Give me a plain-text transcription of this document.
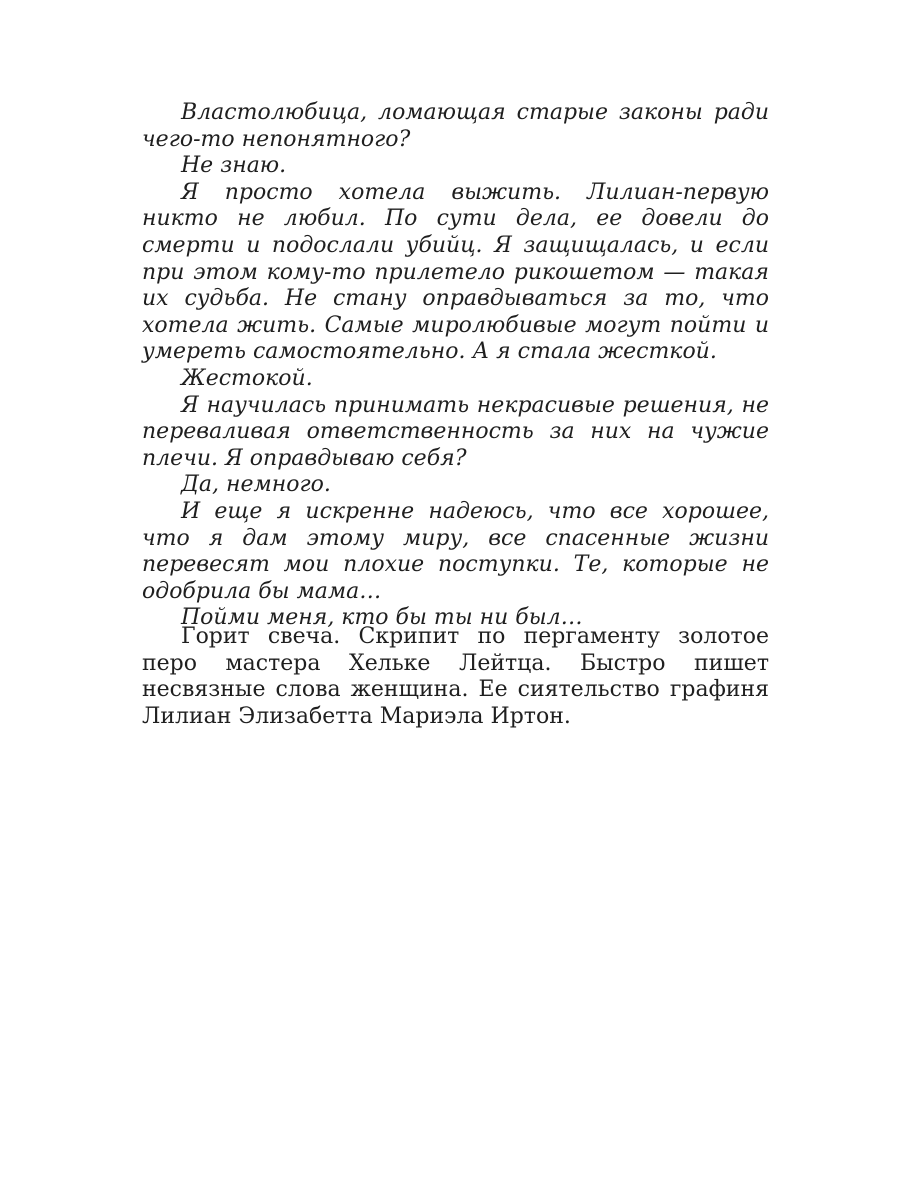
Властолюбица, ломающая старые законы ради чего-то непонятного?

Не знаю.

Я просто хотела выжить. Лилиан-первую никто не любил. По сути дела, ее довели до смерти и подослали убийц. Я защищалась, и если при этом кому-то прилетело рикошетом — такая их судьба. Не стану оправдываться за то, что хотела жить. Самые миролюбивые могут пойти и умереть самостоятельно. А я стала жесткой.

Жестокой.

Я научилась принимать некрасивые решения, не переваливая ответственность за них на чужие плечи. Я оправдываю себя?

Да, немного.

И еще я искренне надеюсь, что все хорошее, что я дам этому миру, все спасенные жизни перевесят мои плохие поступки. Те, которые не одобрила бы мама…

Пойми меня, кто бы ты ни был…

Горит свеча. Скрипит по пергаменту золотое перо мастера Хельке Лейтца. Быстро пишет несвязные слова женщина. Ее сиятельство графиня Лилиан Элизабетта Мариэла Иртон.
